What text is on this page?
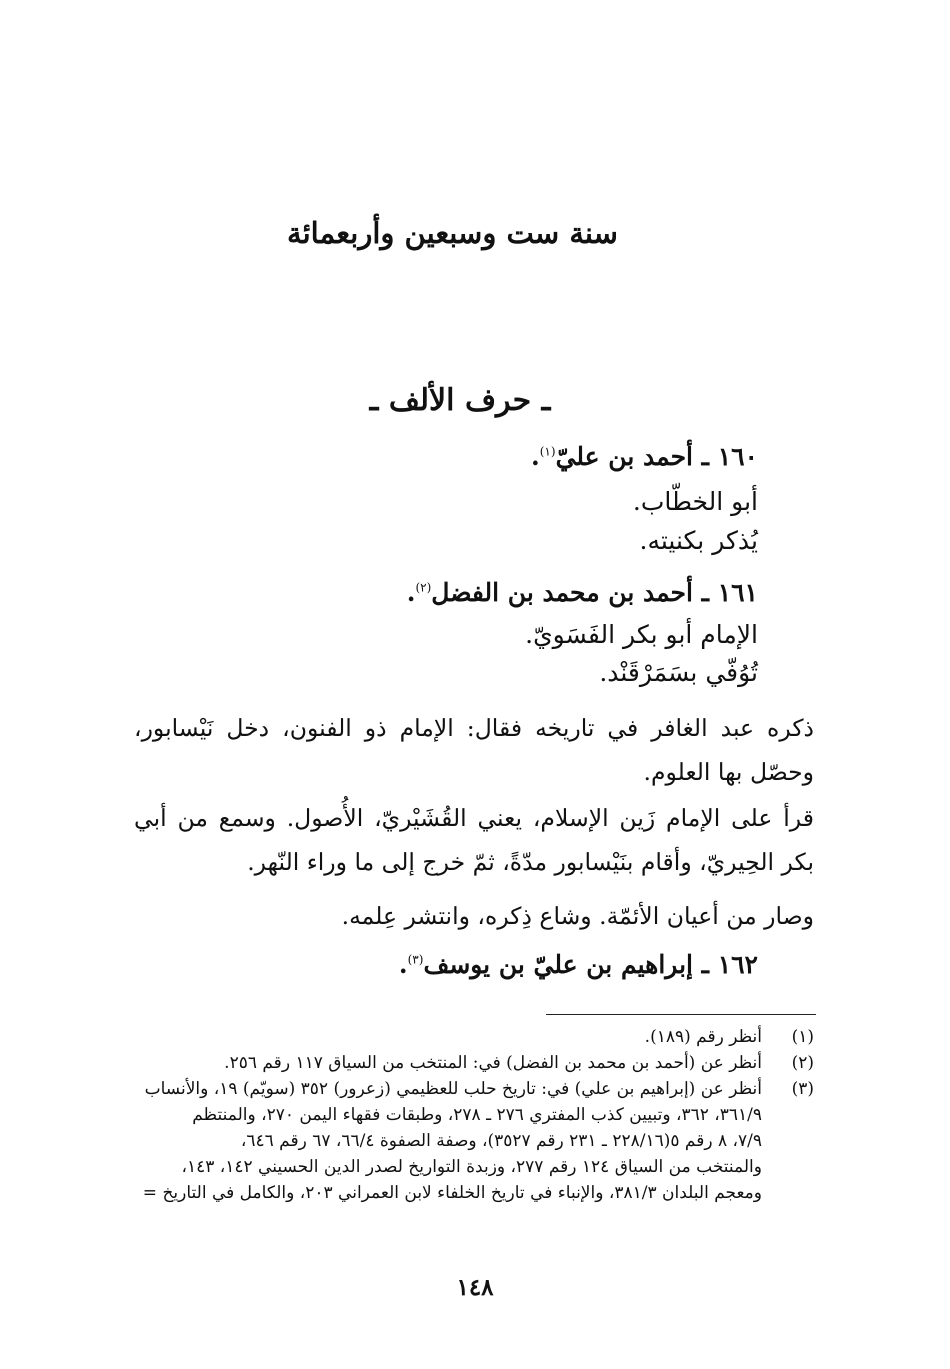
سنة ست وسبعين وأربعمائة
ـ حرف الألف ـ

١٦٠ ـ أحمد بن عليّ$^{(١)}$.

أبو الخطّاب.

يُذكر بكنيته.

١٦١ ـ أحمد بن محمد بن الفضل$^{(٢)}$.

الإمام أبو بكر الفَسَويّ.

تُوُفّي بسَمَرْقَنْد.

ذكره عبد الغافر في تاريخه فقال: الإمام ذو الفنون، دخل نَيْسابور، وحصّل بها العلوم.

قرأ على الإمام زَين الإسلام، يعني القُشَيْريّ، الأُصول. وسمع من أبي بكر الحِيريّ، وأقام بنَيْسابور مدّةً، ثمّ خرج إلى ما وراء النّهر.

وصار من أعيان الأئمّة. وشاع ذِكره، وانتشر عِلمه.

١٦٢ ـ إبراهيم بن عليّ بن يوسف$^{(٣)}$.

(١)
أنظر رقم (١٨٩).
(٢)
أنظر عن (أحمد بن محمد بن الفضل) في: المنتخب من السياق ١١٧ رقم ٢٥٦.
(٣)
أنظر عن (إبراهيم بن علي) في: تاريخ حلب للعظيمي (زعرور) ٣٥٢ (سويّم) ١٩، والأنساب
٣٦١/٩، ٣٦٢، وتبيين كذب المفتري ٢٧٦ ـ ٢٧٨، وطبقات فقهاء اليمن ٢٧٠، والمنتظم
٧/٩، ٨ رقم ٥(٢٢٨/١٦ ـ ٢٣١ رقم ٣٥٢٧)، وصفة الصفوة ٦٦/٤، ٦٧ رقم ٦٤٦،
والمنتخب من السياق ١٢٤ رقم ٢٧٧، وزبدة التواريخ لصدر الدين الحسيني ١٤٢، ١٤٣،
ومعجم البلدان ٣٨١/٣، والإنباء في تاريخ الخلفاء لابن العمراني ٢٠٣، والكامل في التاريخ =
١٤٨
